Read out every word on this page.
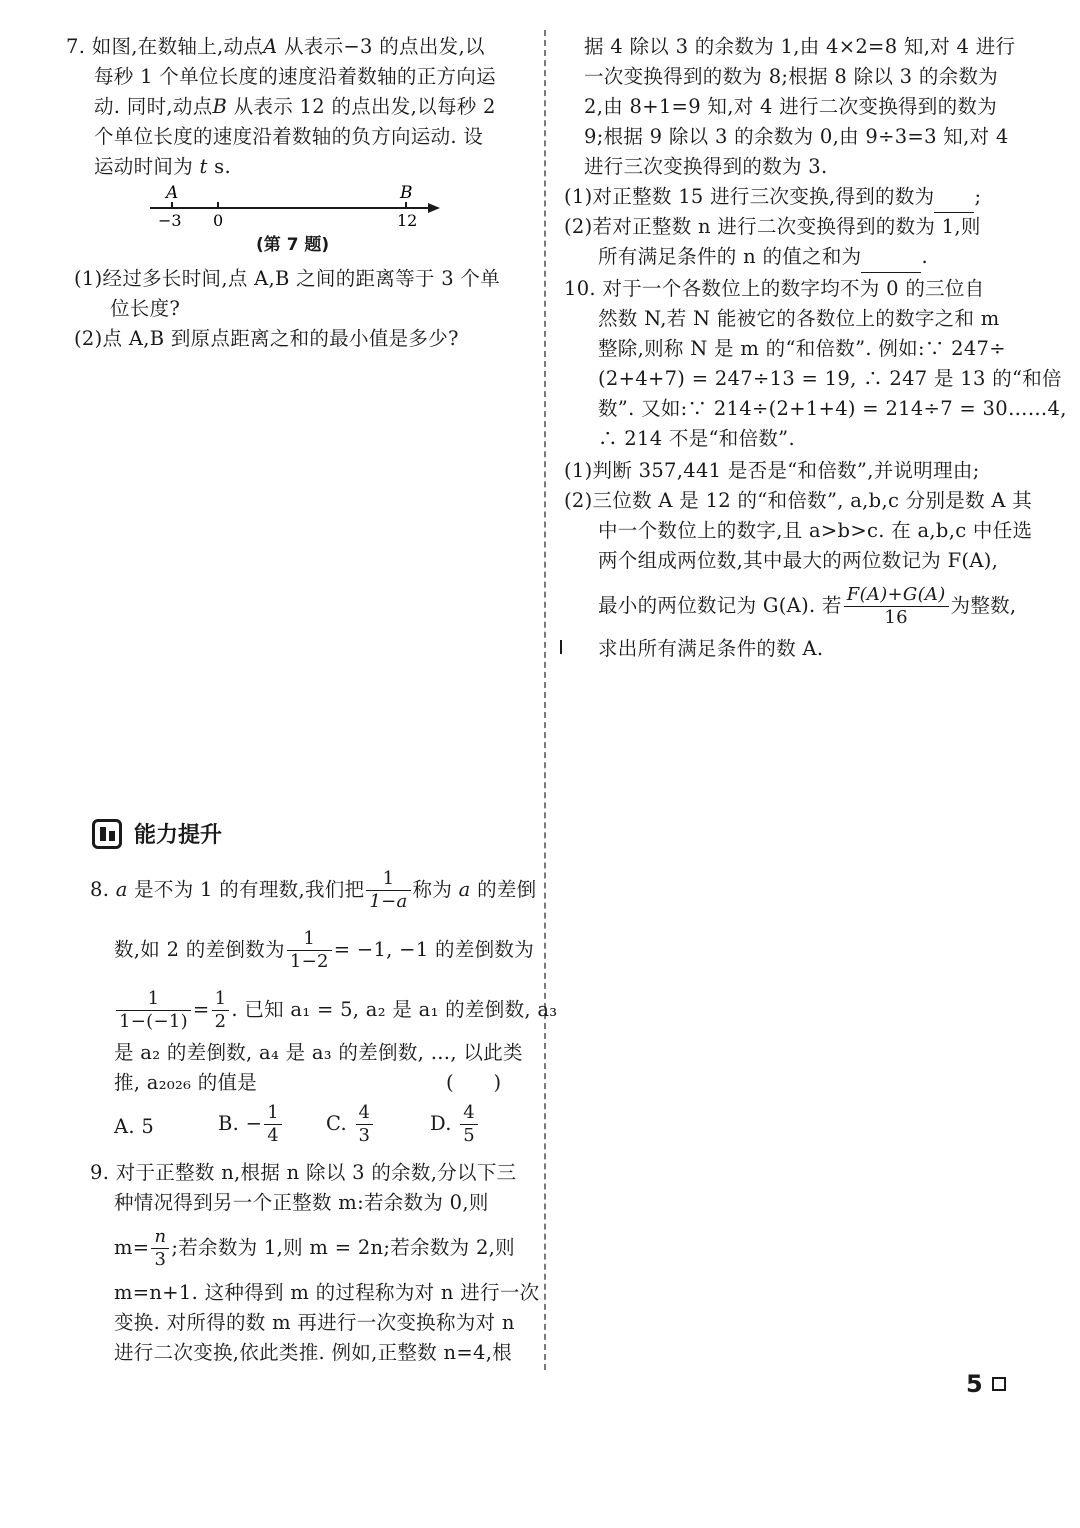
7. 如图,在数轴上,动点A 从表示−3 的点出发,以
每秒 1 个单位长度的速度沿着数轴的正方向运
动. 同时,动点B 从表示 12 的点出发,以每秒 2
个单位长度的速度沿着数轴的负方向运动. 设
运动时间为 t s.
A	B
−3 0	12
(第 7 题)
(1)经过多长时间,点 A,B 之间的距离等于 3 个单
位长度?
(2)点 A,B 到原点距离之和的最小值是多少?
能力提升
8. a 是不为 1 的有理数,我们把 $\frac{1}{1-a}$ 称为 a 的差倒
数,如 2 的差倒数为 $\frac{1}{1-2} = -1$, −1 的差倒数为
$\frac{1}{1-(-1)} = \frac{1}{2}$ . 已知 a₁ = 5, a₂ 是 a₁ 的差倒数, a₃
是 a₂ 的差倒数, a₄ 是 a₃ 的差倒数, …, 以此类
推, a₂₀₂₆ 的值是	(　　)
A. 5	B. − $\frac{1}{4} C$. $\frac{4}{3}$	D. $\frac{4}{5}$
9. 对于正整数 n,根据 n 除以 3 的余数,分以下三
种情况得到另一个正整数 m:若余数为 0,则
$m= \frac{n}{3}$ ;若余数为 1,则 m = 2n;若余数为 2,则
m=n+1. 这种得到 m 的过程称为对 n 进行一次
变换. 对所得的数 m 再进行一次变换称为对 n
进行二次变换,依此类推. 例如,正整数 n=4,根
据 4 除以 3 的余数为 1,由 4×2=8 知,对 4 进行
一次变换得到的数为 8;根据 8 除以 3 的余数为
2,由 8+1=9 知,对 4 进行二次变换得到的数为
9;根据 9 除以 3 的余数为 0,由 9÷3=3 知,对 4
进行三次变换得到的数为 3.
(1)对正整数 15 进行三次变换,得到的数为 ;
(2)若对正整数 n 进行二次变换得到的数为 1,则
所有满足条件的 n 的值之和为	.
10. 对于一个各数位上的数字均不为 0 的三位自
然数 N,若 N 能被它的各数位上的数字之和 m
整除,则称 N 是 m 的“和倍数”. 例如:∵ 247÷
(2+4+7) = 247÷13 = 19, ∴ 247 是 13 的“和倍
数”. 又如:∵ 214÷(2+1+4) = 214÷7 = 30……4,
∴ 214 不是“和倍数”.
(1)判断 357,441 是否是“和倍数”,并说明理由;
(2)三位数 A 是 12 的“和倍数”, a,b,c 分别是数 A 其
中一个数位上的数字,且 a>b>c. 在 a,b,c 中任选
两个组成两位数,其中最大的两位数记为 F(A),
最小的两位数记为 G(A). 若 $\frac{F(A)+G(A)}{16}$ 为整数,
求出所有满足条件的数 A.
5
